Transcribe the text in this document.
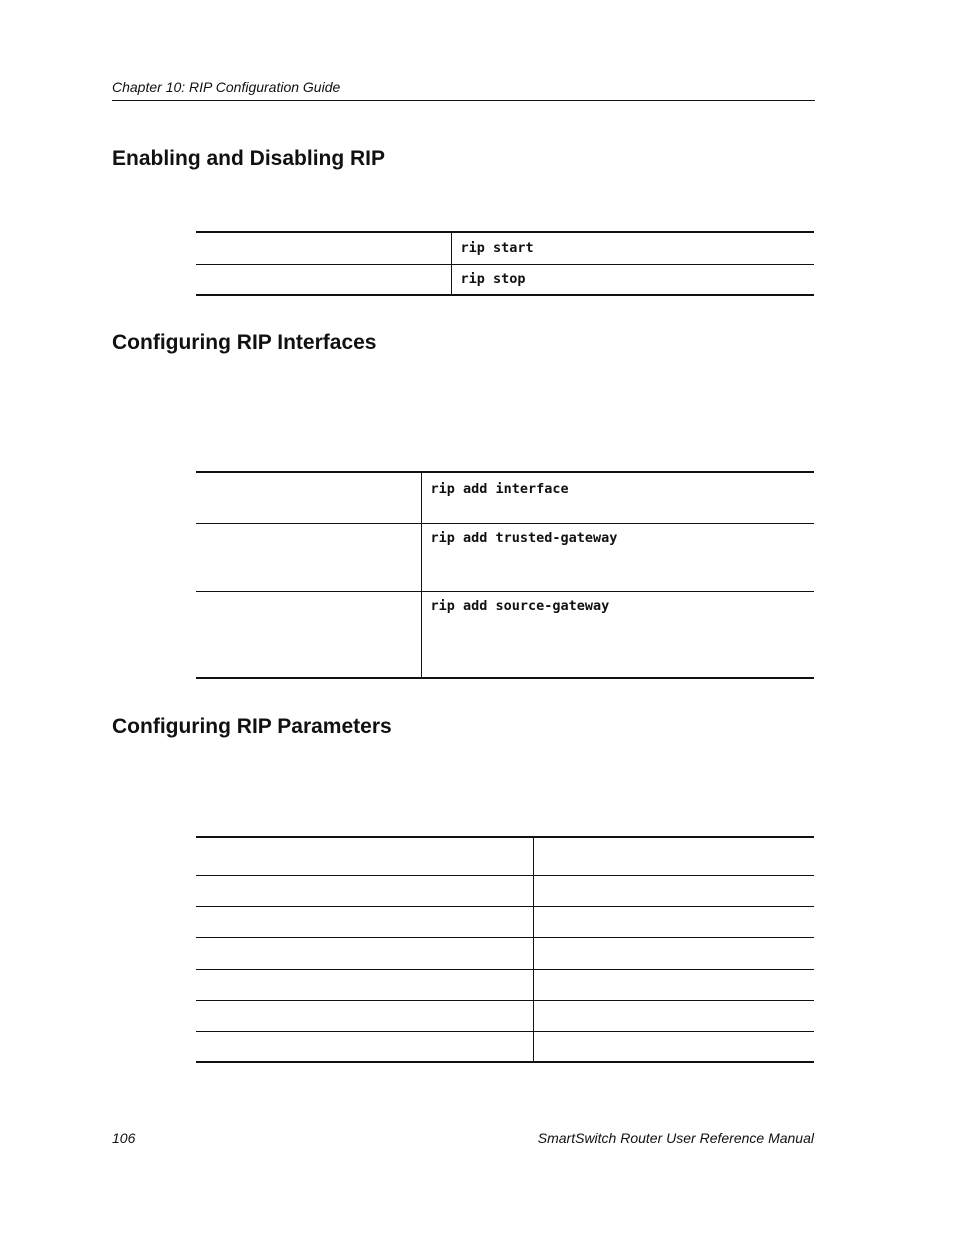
Chapter 10: RIP Configuration Guide
Enabling and Disabling RIP

	rip start

	rip stop
Configuring RIP Interfaces

	rip add interface

	rip add trusted-gateway

	rip add source-gateway
Configuring RIP Parameters

106	SmartSwitch Router User Reference Manual
